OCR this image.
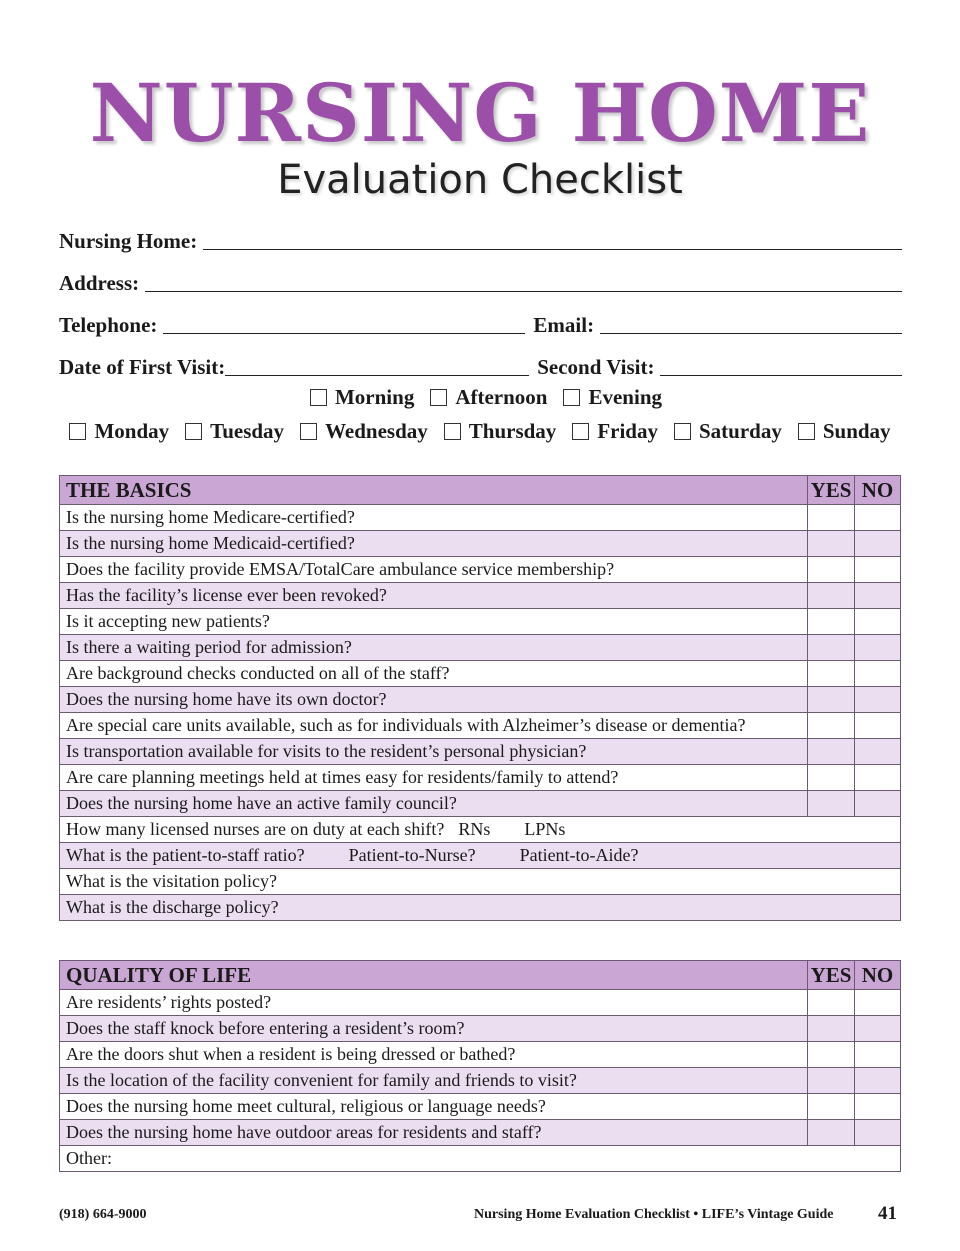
NURSING HOME
Evaluation Checklist
Nursing Home:
Address:
Telephone:	Email:
Date of First Visit:	Second Visit:
Morning Afternoon Evening
Monday Tuesday Wednesday Thursday Friday Saturday Sunday
THE BASICS	YES	NO
Is the nursing home Medicare-certified?		
Is the nursing home Medicaid-certified?		
Does the facility provide EMSA/TotalCare ambulance service membership?		
Has the facility’s license ever been revoked?		
Is it accepting new patients?		
Is there a waiting period for admission?		
Are background checks conducted on all of the staff?		
Does the nursing home have its own doctor?		
Are special care units available, such as for individuals with Alzheimer’s disease or dementia?		
Is transportation available for visits to the resident’s personal physician?		
Are care planning meetings held at times easy for residents/family to attend?		
Does the nursing home have an active family council?		
How many licensed nurses are on duty at each shift? RNs LPNs		
What is the patient-to-staff ratio? Patient-to-Nurse? Patient-to-Aide?		
What is the visitation policy?		
What is the discharge policy?		
QUALITY OF LIFE	YES	NO
Are residents’ rights posted?		
Does the staff knock before entering a resident’s room?		
Are the doors shut when a resident is being dressed or bathed?		
Is the location of the facility convenient for family and friends to visit?		
Does the nursing home meet cultural, religious or language needs?		
Does the nursing home have outdoor areas for residents and staff?		
Other:		
(918) 664-9000	Nursing Home Evaluation Checklist • LIFE’s Vintage Guide 41
